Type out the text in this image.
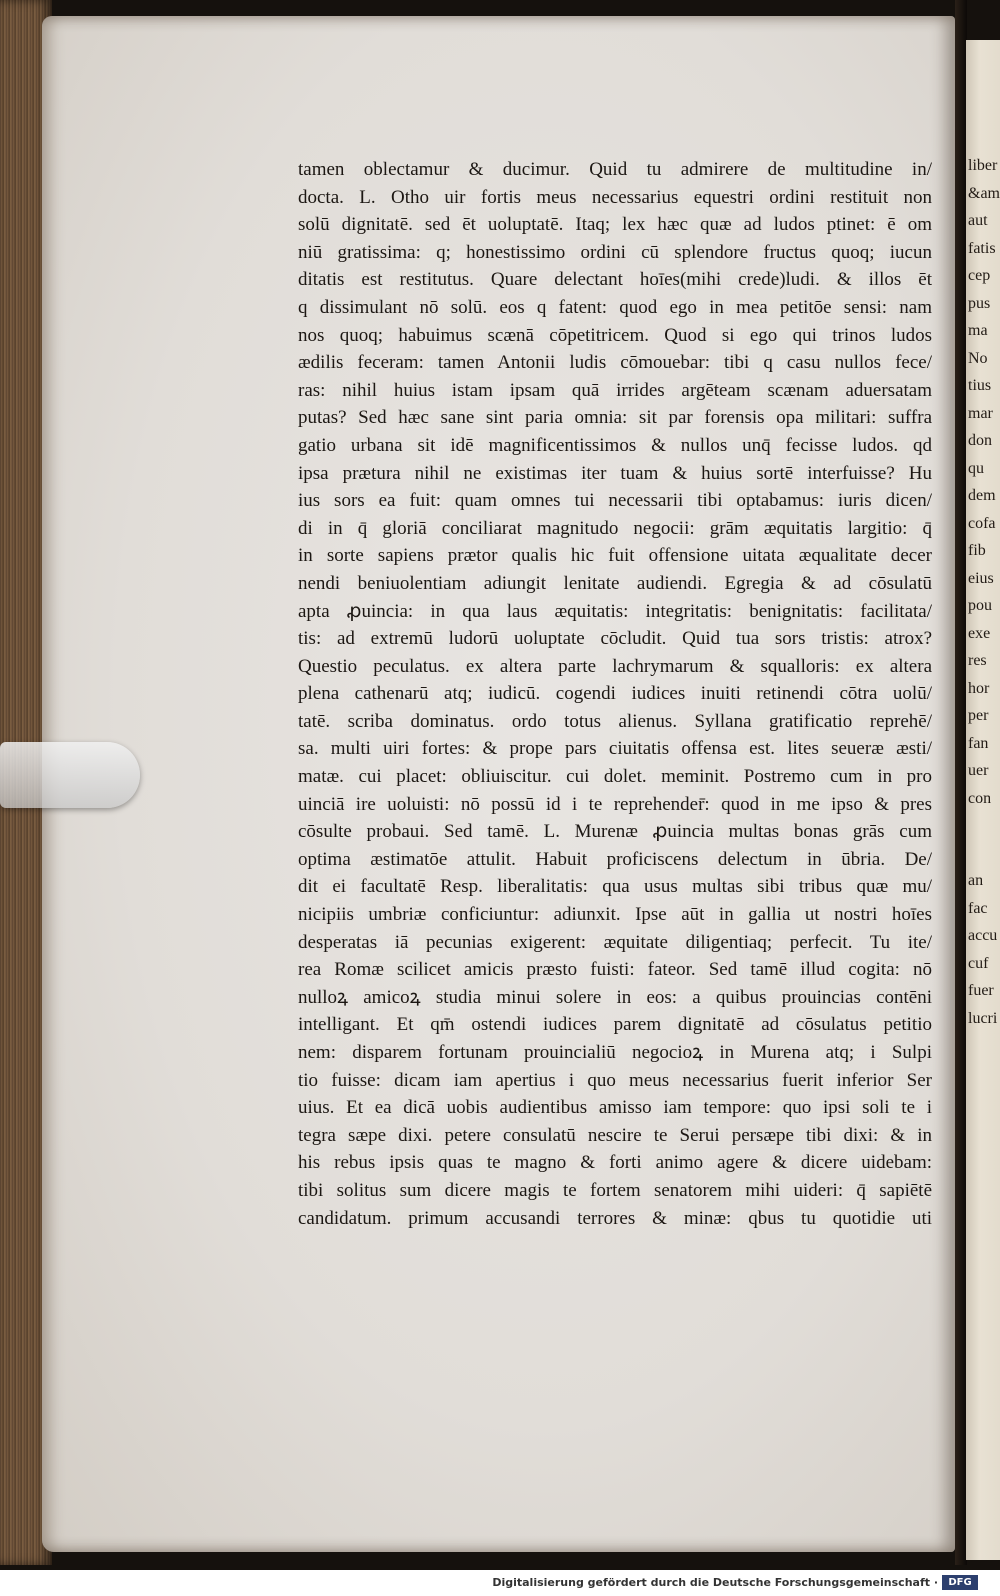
liber
&am
aut
fatis
cep
pus
ma
No
tius
mar
don
qu
dem
cofa
fib
eius
pou
exe
res
hor
per
fan
uer
con
an
fac
accu
cuf
fuer
lucri
tamen oblectamur & ducimur. Quid tu admirere de multitudine in/
docta. L. Otho uir fortis meus necessarius equestri ordini restituit non
solū dignitatē. sed ēt uoluptatē. Itaq; lex hæc quæ ad ludos ptinet: ē om
niū gratissima: q; honestissimo ordini cū splendore fructus quoq; iucun
ditatis est restitutus. Quare delectant hoīes(mihi crede)ludi. & illos ēt
q dissimulant nō solū. eos q fatent: quod ego in mea petitōe sensi: nam
nos quoq; habuimus scænā cōpetitricem. Quod si ego qui trinos ludos
ædilis feceram: tamen Antonii ludis cōmouebar: tibi q casu nullos fece/
ras: nihil huius istam ipsam quā irrides argēteam scænam aduersatam
putas? Sed hæc sane sint paria omnia: sit par forensis opa militari: suffra
gatio urbana sit idē magnificentissimos & nullos unq̄ fecisse ludos. qd
ipsa prætura nihil ne existimas iter tuam & huius sortē interfuisse? Hu
ius sors ea fuit: quam omnes tui necessarii tibi optabamus: iuris dicen/
di in q̄ gloriā conciliarat magnitudo negocii: grām æquitatis largitio: q̄
in sorte sapiens prætor qualis hic fuit offensione uitata æqualitate decer
nendi beniuolentiam adiungit lenitate audiendi. Egregia & ad cōsulatū
apta ꝓuincia: in qua laus æquitatis: integritatis: benignitatis: facilitata/
tis: ad extremū ludorū uoluptate cōcludit. Quid tua sors tristis: atrox?
Questio peculatus. ex altera parte lachrymarum & squalloris: ex altera
plena cathenarū atq; iudicū. cogendi iudices inuiti retinendi cōtra uolū/
tatē. scriba dominatus. ordo totus alienus. Syllana gratificatio reprehē/
sa. multi uiri fortes: & prope pars ciuitatis offensa est. lites seueræ æsti/
matæ. cui placet: obliuiscitur. cui dolet. meminit. Postremo cum in pro
uinciā ire uoluisti: nō possū id i te reprehender̄: quod in me ipso & pres
cōsulte probaui. Sed tamē. L. Murenæ ꝓuincia multas bonas grās cum
optima æstimatōe attulit. Habuit proficiscens delectum in ūbria. De/
dit ei facultatē Resp. liberalitatis: qua usus multas sibi tribus quæ mu/
nicipiis umbriæ conficiuntur: adiunxit. Ipse aūt in gallia ut nostri hoīes
desperatas iā pecunias exigerent: æquitate diligentiaq; perfecit. Tu ite/
rea Romæ scilicet amicis præsto fuisti: fateor. Sed tamē illud cogita: nō
nulloꝝ amicoꝝ studia minui solere in eos: a quibus prouincias contēni
intelligant. Et qm̄ ostendi iudices parem dignitatē ad cōsulatus petitio
nem: disparem fortunam prouincialiū negocioꝝ in Murena atq; i Sulpi
tio fuisse: dicam iam apertius i quo meus necessarius fuerit inferior Ser
uius. Et ea dicā uobis audientibus amisso iam tempore: quo ipsi soli te i
tegra sæpe dixi. petere consulatū nescire te Serui persæpe tibi dixi: & in
his rebus ipsis quas te magno & forti animo agere & dicere uidebam:
tibi solitus sum dicere magis te fortem senatorem mihi uideri: q̄ sapiētē
candidatum. primum accusandi terrores & minæ: qbus tu quotidie uti
Digitalisierung gefördert durch die Deutsche Forschungsgemeinschaft ·	DFG
